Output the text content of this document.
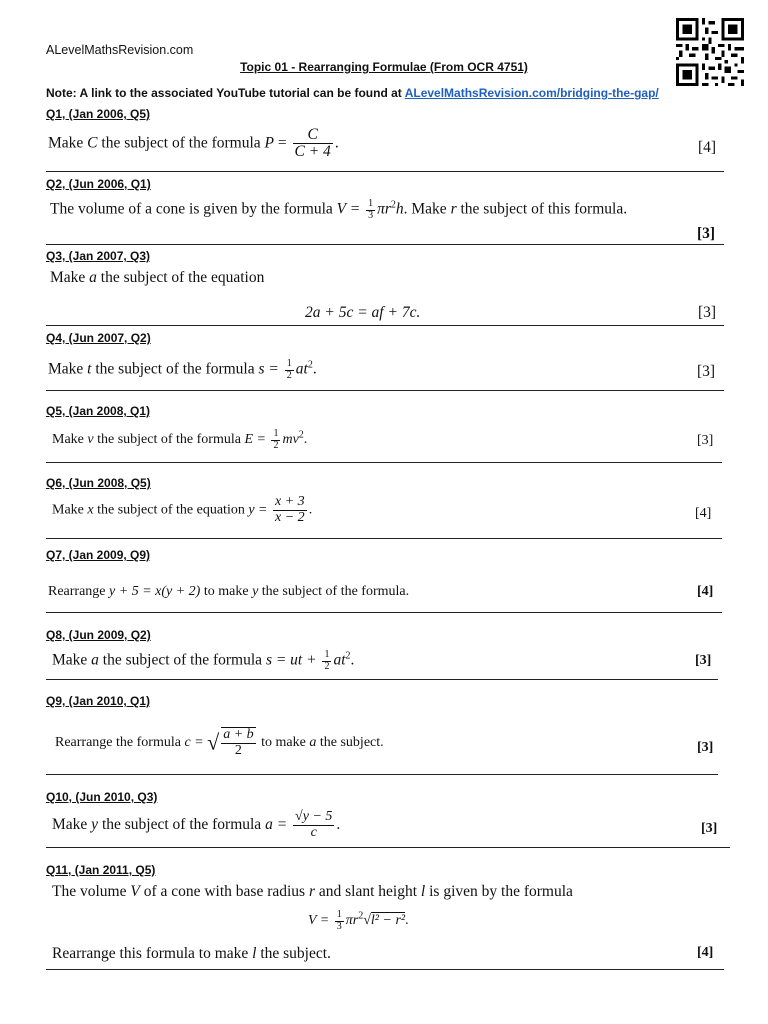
ALevelMathsRevision.com
Topic 01 - Rearranging Formulae (From OCR 4751)
Note: A link to the associated YouTube tutorial can be found at ALevelMathsRevision.com/bridging-the-gap/
Q1, (Jan 2006, Q5)
Make C the subject of the formula $P = \frac{C}{C + 4}$ .	[4]
Q2, (Jun 2006, Q1)
The volume of a cone is given by the formula $V = \frac{1}{3} \pi r^2h$. Make r the subject of this formula.
[3]
Q3, (Jan 2007, Q3)
Make a the subject of the equation
2a + 5c = af + 7c.	[3]
Q4, (Jun 2007, Q2)
Make t the subject of the formula $s = \frac{1}{2} at^2$.	[3]
Q5, (Jan 2008, Q1)
Make v the subject of the formula $E = \frac{1}{2} mv^2$.	[3]
Q6, (Jun 2008, Q5)
Make x the subject of the equation $y = \frac{x + 3}{x - 2}$ .	[4]
Q7, (Jan 2009, Q9)
Rearrange y + 5 = x(y + 2) to make y the subject of the formula.	[4]
Q8, (Jun 2009, Q2)
Make a the subject of the formula s = ut + $\frac{1}{2} at^2$.	[3]
Q9, (Jan 2010, Q1)
Rearrange the formula c = √ $\frac{a + b}{2}$ to make a the subject.	[3]
Q10, (Jun 2010, Q3)
Make y the subject of the formula $a = \frac{√y - 5}{c}$ .	[3]
Q11, (Jan 2011, Q5)
The volume V of a cone with base radius r and slant height l is given by the formula
$V = \frac{1}{3} \pi r^2√l^2 - r^2$.
Rearrange this formula to make l the subject.	[4]
